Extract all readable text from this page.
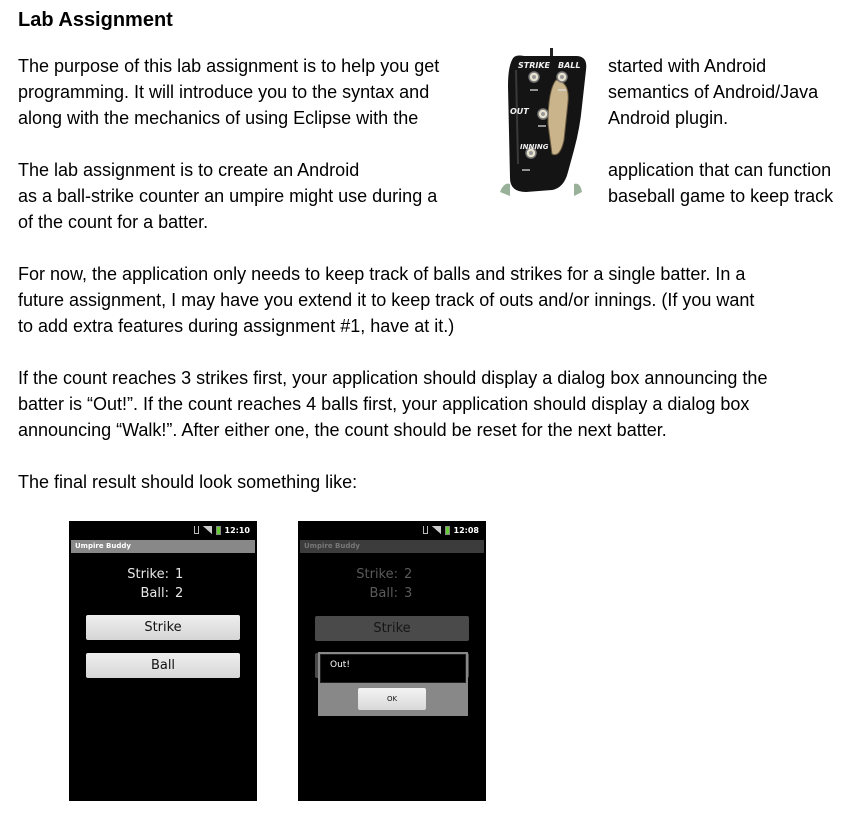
Lab Assignment
The purpose of this lab assignment is to help you get
programming. It will introduce you to the syntax and
along with the mechanics of using Eclipse with the
The lab assignment is to create an Android
as a ball-strike counter an umpire might use during a
of the count for a batter.
started with Android
semantics of Android/Java
Android plugin.
application that can function
baseball game to keep track
STRIKE BALL
OUT
INNING
For now, the application only needs to keep track of balls and strikes for a single batter. In a
future assignment, I may have you extend it to keep track of outs and/or innings. (If you want
to add extra features during assignment #1, have at it.)
If the count reaches 3 strikes first, your application should display a dialog box announcing the
batter is “Out!”. If the count reaches 4 balls first, your application should display a dialog box
announcing “Walk!”. After either one, the count should be reset for the next batter.
The final result should look something like:
12:10
Umpire Buddy
Strike: 1
Ball: 2
Strike
Ball
12:08
Umpire Buddy
Strike: 2
Ball: 3
Strike
Out!
OK
